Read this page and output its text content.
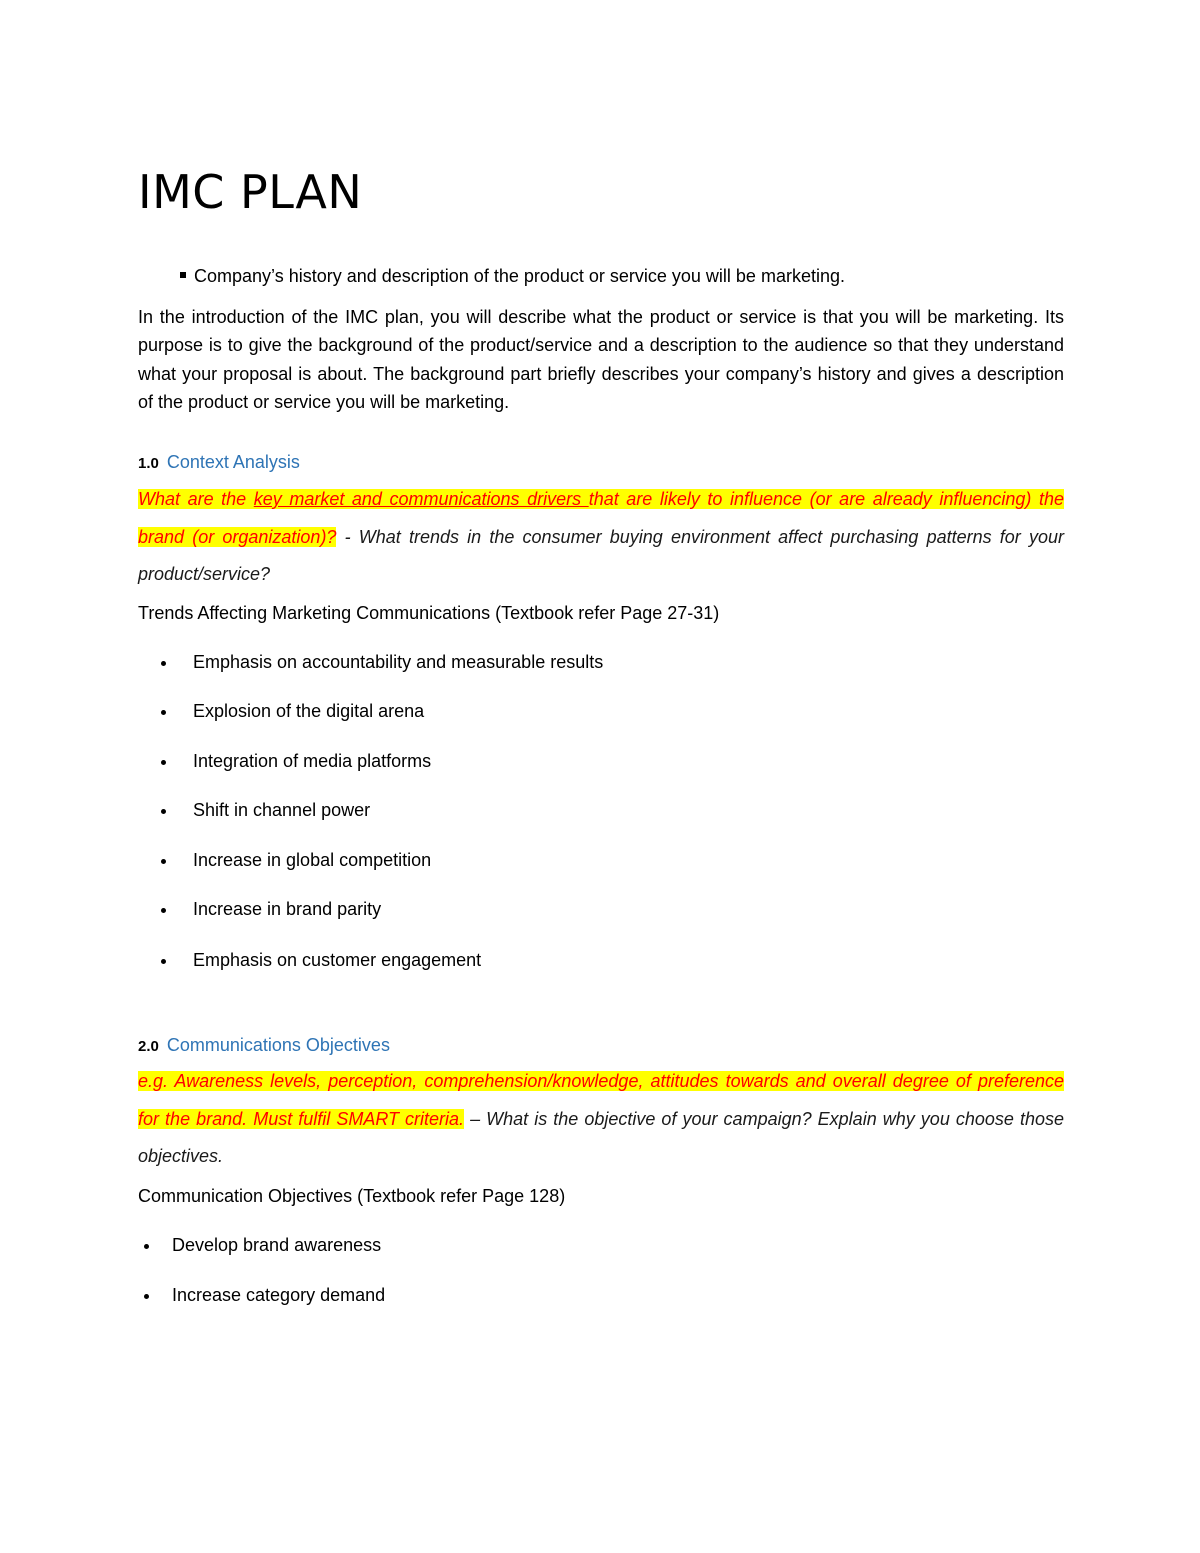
IMC PLAN
Company’s history and description of the product or service you will be marketing.
In the introduction of the IMC plan, you will describe what the product or service is that you will be marketing. Its purpose is to give the background of the product/service and a description to the audience so that they understand what your proposal is about. The background part briefly describes your company’s history and gives a description of the product or service you will be marketing.
1.0 Context Analysis
What are the key market and communications drivers that are likely to influence (or are already influencing) the brand (or organization)? - What trends in the consumer buying environment affect purchasing patterns for your product/service?
Trends Affecting Marketing Communications (Textbook refer Page 27-31)
Emphasis on accountability and measurable results
Explosion of the digital arena
Integration of media platforms
Shift in channel power
Increase in global competition
Increase in brand parity
Emphasis on customer engagement
2.0 Communications Objectives
e.g. Awareness levels, perception, comprehension/knowledge, attitudes towards and overall degree of preference for the brand. Must fulfil SMART criteria. – What is the objective of your campaign? Explain why you choose those objectives.
Communication Objectives (Textbook refer Page 128)
Develop brand awareness
Increase category demand
